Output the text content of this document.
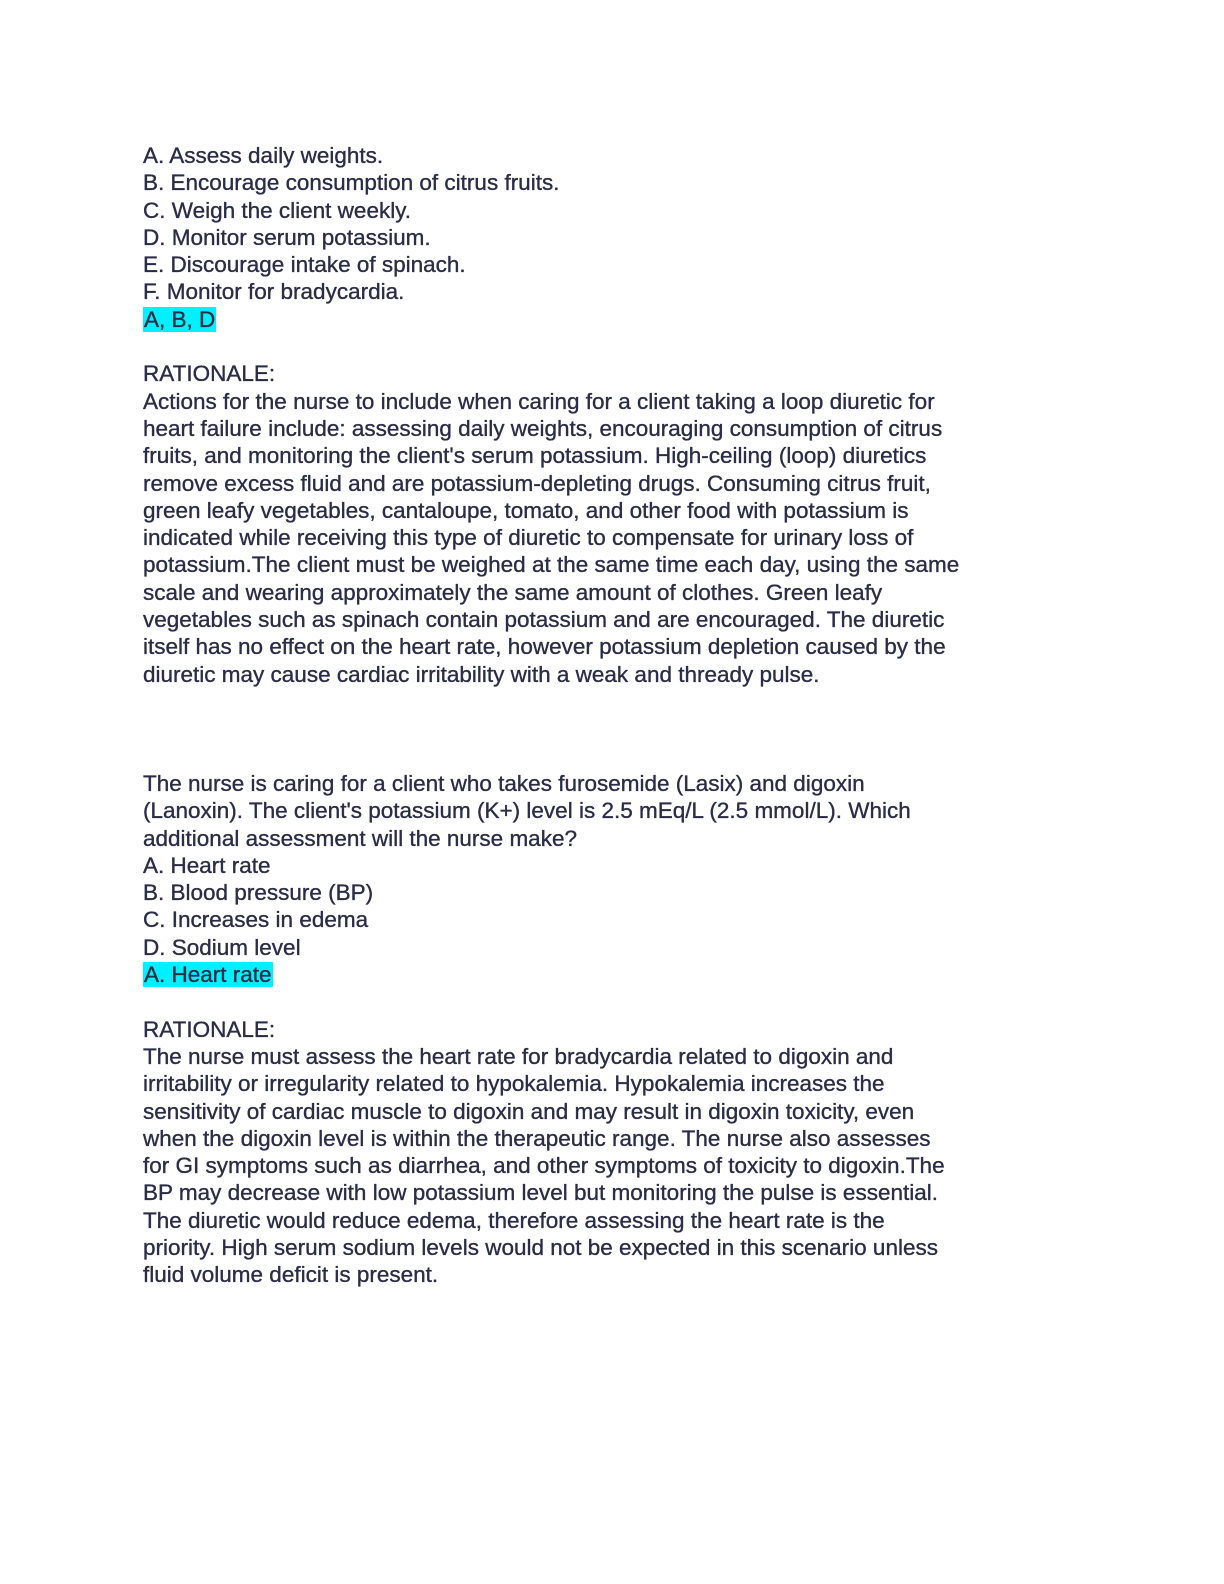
A. Assess daily weights.
B. Encourage consumption of citrus fruits.
C. Weigh the client weekly.
D. Monitor serum potassium.
E. Discourage intake of spinach.
F. Monitor for bradycardia.
A, B, D
RATIONALE:
Actions for the nurse to include when caring for a client taking a loop diuretic for
heart failure include: assessing daily weights, encouraging consumption of citrus
fruits, and monitoring the client's serum potassium. High-ceiling (loop) diuretics
remove excess fluid and are potassium-depleting drugs. Consuming citrus fruit,
green leafy vegetables, cantaloupe, tomato, and other food with potassium is
indicated while receiving this type of diuretic to compensate for urinary loss of
potassium.The client must be weighed at the same time each day, using the same
scale and wearing approximately the same amount of clothes. Green leafy
vegetables such as spinach contain potassium and are encouraged. The diuretic
itself has no effect on the heart rate, however potassium depletion caused by the
diuretic may cause cardiac irritability with a weak and thready pulse.
The nurse is caring for a client who takes furosemide (Lasix) and digoxin
(Lanoxin). The client's potassium (K+) level is 2.5 mEq/L (2.5 mmol/L). Which
additional assessment will the nurse make?
A. Heart rate
B. Blood pressure (BP)
C. Increases in edema
D. Sodium level
A. Heart rate
RATIONALE:
The nurse must assess the heart rate for bradycardia related to digoxin and
irritability or irregularity related to hypokalemia. Hypokalemia increases the
sensitivity of cardiac muscle to digoxin and may result in digoxin toxicity, even
when the digoxin level is within the therapeutic range. The nurse also assesses
for GI symptoms such as diarrhea, and other symptoms of toxicity to digoxin.The
BP may decrease with low potassium level but monitoring the pulse is essential.
The diuretic would reduce edema, therefore assessing the heart rate is the
priority. High serum sodium levels would not be expected in this scenario unless
fluid volume deficit is present.
